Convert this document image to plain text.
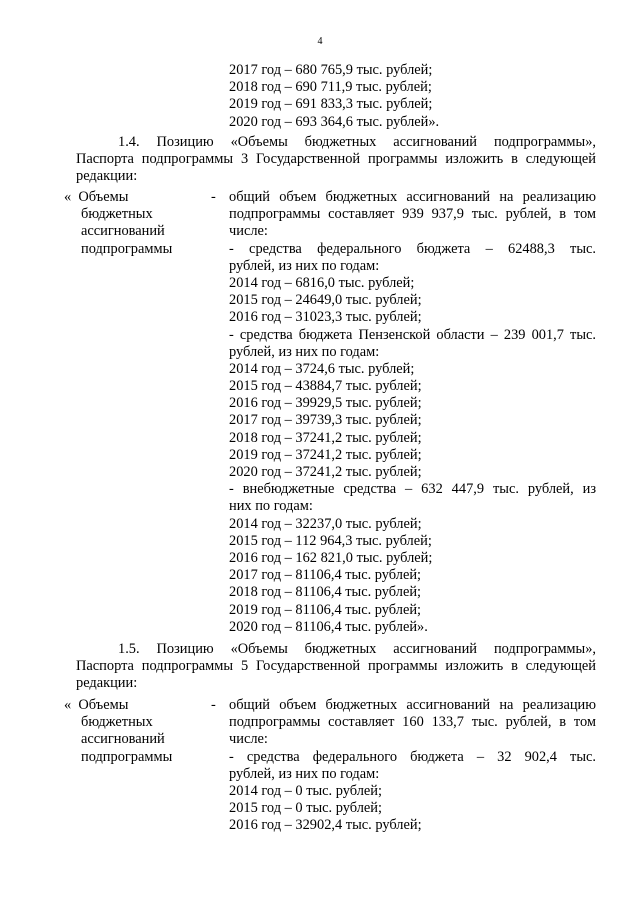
4
2017 год – 680 765,9 тыс. рублей;
2018 год – 690 711,9 тыс. рублей;
2019 год – 691 833,3 тыс. рублей;
2020 год – 693 364,6 тыс. рублей».
1.4. Позицию «Объемы бюджетных ассигнований подпрограммы»,
Паспорта подпрограммы 3 Государственной программы изложить в следующей
редакции:
« Объемы
бюджетных
ассигнований
подпрограммы
- общий объем бюджетных ассигнований на реализацию
подпрограммы составляет 939 937,9 тыс. рублей, в том
числе:
- средства федерального бюджета – 62488,3 тыс.
рублей, из них по годам:
2014 год – 6816,0 тыс. рублей;
2015 год – 24649,0 тыс. рублей;
2016 год – 31023,3 тыс. рублей;
- средства бюджета Пензенской области – 239 001,7 тыс.
рублей, из них по годам:
2014 год – 3724,6 тыс. рублей;
2015 год – 43884,7 тыс. рублей;
2016 год – 39929,5 тыс. рублей;
2017 год – 39739,3 тыс. рублей;
2018 год – 37241,2 тыс. рублей;
2019 год – 37241,2 тыс. рублей;
2020 год – 37241,2 тыс. рублей;
- внебюджетные средства – 632 447,9 тыс. рублей, из
них по годам:
2014 год – 32237,0 тыс. рублей;
2015 год – 112 964,3 тыс. рублей;
2016 год – 162 821,0 тыс. рублей;
2017 год – 81106,4 тыс. рублей;
2018 год – 81106,4 тыс. рублей;
2019 год – 81106,4 тыс. рублей;
2020 год – 81106,4 тыс. рублей».
1.5. Позицию «Объемы бюджетных ассигнований подпрограммы»,
Паспорта подпрограммы 5 Государственной программы изложить в следующей
редакции:
« Объемы
бюджетных
ассигнований
подпрограммы
- общий объем бюджетных ассигнований на реализацию
подпрограммы составляет 160 133,7 тыс. рублей, в том
числе:
- средства федерального бюджета – 32 902,4 тыс.
рублей, из них по годам:
2014 год – 0 тыс. рублей;
2015 год – 0 тыс. рублей;
2016 год – 32902,4 тыс. рублей;
